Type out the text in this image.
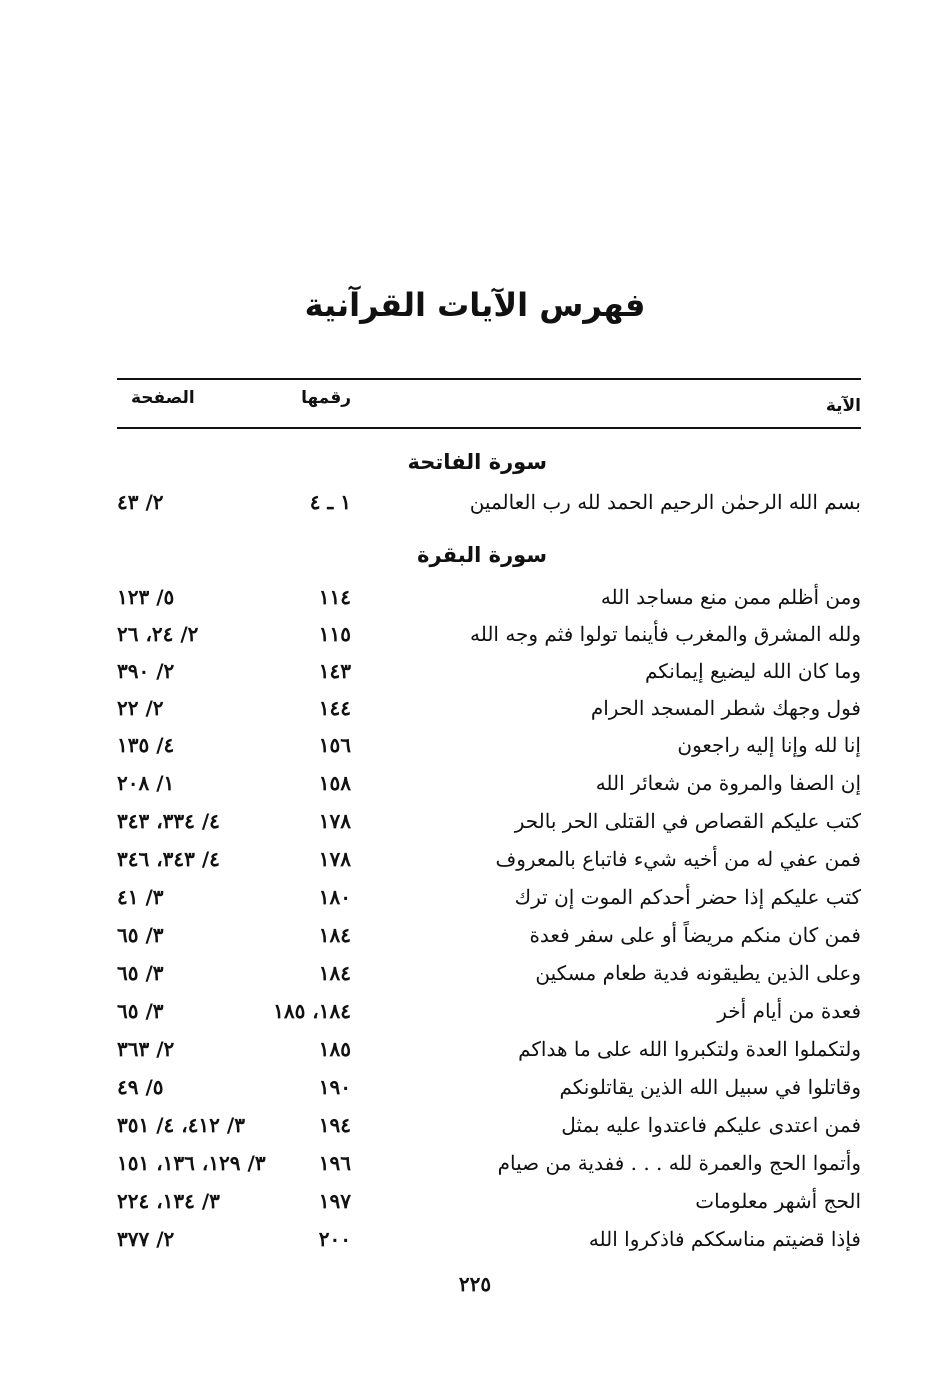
فهرس الآيات القرآنية
الآية
رقمها
الصفحة
سورة الفاتحة
بسم الله الرحمٰن الرحيم الحمد لله رب العالمين
١ ـ ٤
٢/ ٤٣
سورة البقرة
ومن أظلم ممن منع مساجد الله
١١٤
٥/ ١٢٣
ولله المشرق والمغرب فأينما تولوا فثم وجه الله
١١٥
٢/ ٢٤، ٢٦
وما كان الله ليضيع إيمانكم
١٤٣
٢/ ٣٩٠
فول وجهك شطر المسجد الحرام
١٤٤
٢/ ٢٢
إنا لله وإنا إليه راجعون
١٥٦
٤/ ١٣٥
إن الصفا والمروة من شعائر الله
١٥٨
١/ ٢٠٨
كتب عليكم القصاص في القتلى الحر بالحر
١٧٨
٤/ ٣٣٤، ٣٤٣
فمن عفي له من أخيه شيء فاتباع بالمعروف
١٧٨
٤/ ٣٤٣، ٣٤٦
كتب عليكم إذا حضر أحدكم الموت إن ترك
١٨٠
٣/ ٤١
فمن كان منكم مريضاً أو على سفر فعدة
١٨٤
٣/ ٦٥
وعلى الذين يطيقونه فدية طعام مسكين
١٨٤
٣/ ٦٥
فعدة من أيام أخر
١٨٤، ١٨٥
٣/ ٦٥
ولتكملوا العدة ولتكبروا الله على ما هداكم
١٨٥
٢/ ٣٦٣
وقاتلوا في سبيل الله الذين يقاتلونكم
١٩٠
٥/ ٤٩
فمن اعتدى عليكم فاعتدوا عليه بمثل
١٩٤
٣/ ٤١٢، ٤/ ٣٥١
وأتموا الحج والعمرة لله . . . ففدية من صيام
١٩٦
٣/ ١٢٩، ١٣٦، ١٥١
الحج أشهر معلومات
١٩٧
٣/ ١٣٤، ٢٢٤
فإذا قضيتم مناسككم فاذكروا الله
٢٠٠
٢/ ٣٧٧
٢٢٥
